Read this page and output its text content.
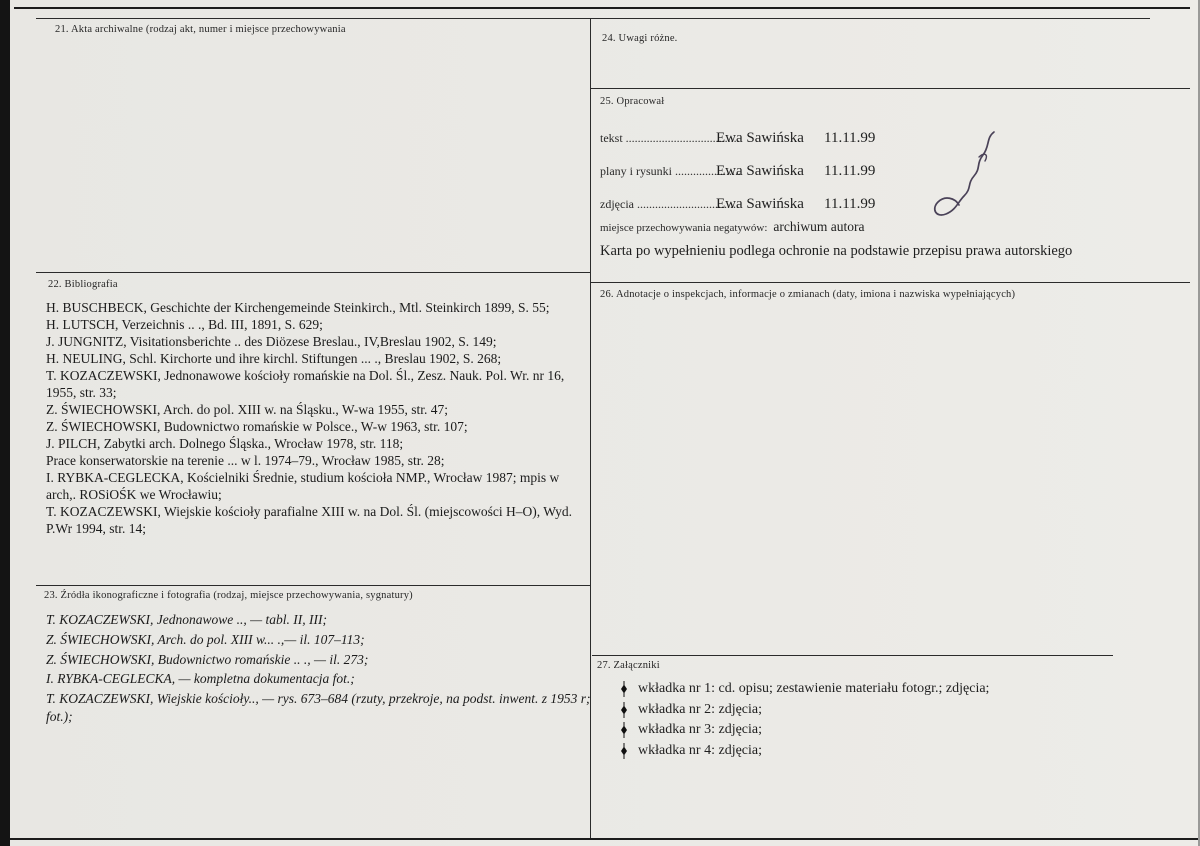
21. Akta archiwalne (rodzaj akt, numer i miejsce przechowywania
22. Bibliografia

H. BUSCHBECK, Geschichte der Kirchengemeinde Steinkirch., Mtl. Steinkirch 1899, S. 55;

H. LUTSCH, Verzeichnis .. ., Bd. III, 1891, S. 629;

J. JUNGNITZ, Visitationsberichte .. des Diözese Breslau., IV,Breslau 1902, S. 149;

H. NEULING, Schl. Kirchorte und ihre kirchl. Stiftungen ... ., Breslau 1902, S. 268;

T. KOZACZEWSKI, Jednonawowe kościoły romańskie na Dol. Śl., Zesz. Nauk. Pol. Wr. nr 16, 1955, str. 33;

Z. ŚWIECHOWSKI, Arch. do pol. XIII w. na Śląsku., W-wa 1955, str. 47;

Z. ŚWIECHOWSKI, Budownictwo romańskie w Polsce., W-w 1963, str. 107;

J. PILCH, Zabytki arch. Dolnego Śląska., Wrocław 1978, str. 118;

Prace konserwatorskie na terenie ... w l. 1974–79., Wrocław 1985, str. 28;

I. RYBKA-CEGLECKA, Kościelniki Średnie, studium kościoła NMP., Wrocław 1987; mpis w arch,. ROSiOŚK we Wrocławiu;

T. KOZACZEWSKI, Wiejskie kościoły parafialne XIII w. na Dol. Śl. (miejscowości H–O), Wyd. P.Wr 1994, str. 14;

23. Źródła ikonograficzne i fotografia (rodzaj, miejsce przechowywania, sygnatury)

T. KOZACZEWSKI, Jednonawowe .., — tabl. II, III;

Z. ŚWIECHOWSKI, Arch. do pol. XIII w... .,— il. 107–113;

Z. ŚWIECHOWSKI, Budownictwo romańskie .. ., — il. 273;

I. RYBKA-CEGLECKA, — kompletna dokumentacja fot.;

T. KOZACZEWSKI, Wiejskie kościoły.., — rys. 673–684 (rzuty, przekroje, na podst. inwent. z 1953 r; fot.);

24. Uwagi różne.
25. Opracował
tekst ......................................
Ewa Sawińska	11.11.99
plany i rysunki ......................
Ewa Sawińska	11.11.99
zdjęcia ..................................
Ewa Sawińska	11.11.99
miejsce przechowywania negatywów: archiwum autora
Karta po wypełnieniu podlega ochronie na podstawie przepisu prawa autorskiego
26. Adnotacje o inspekcjach, informacje o zmianach (daty, imiona i nazwiska wypełniających)
27. Załączniki
wkładka nr 1: cd. opisu; zestawienie materiału fotogr.; zdjęcia;
wkładka nr 2: zdjęcia;
wkładka nr 3: zdjęcia;
wkładka nr 4: zdjęcia;
